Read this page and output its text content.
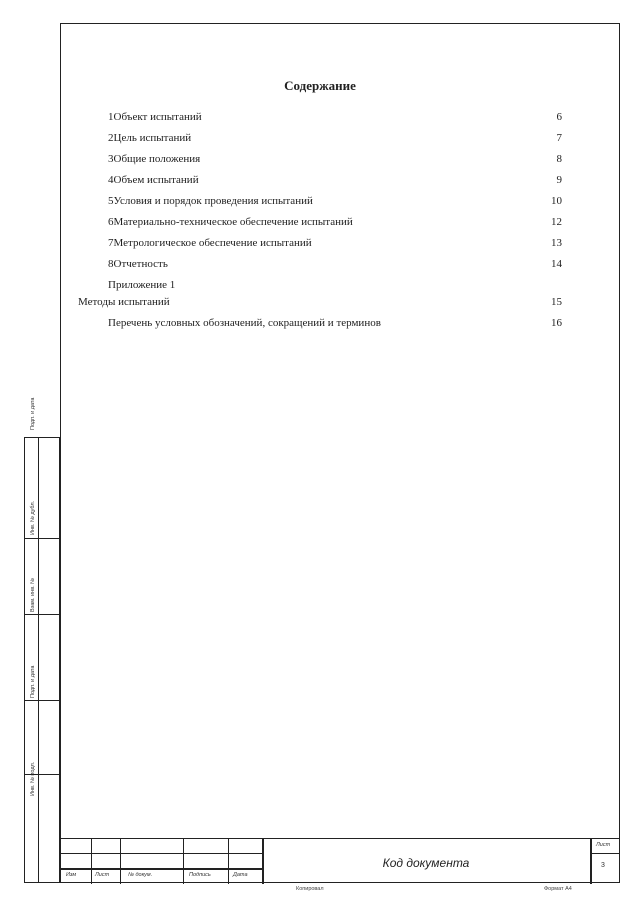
Содержание
1Объект испытаний	6
2Цель испытаний	7
3Общие положения	8
4Объем испытаний	9
5Условия и порядок проведения испытаний	10
6Материально-техническое обеспечение испытаний	12
7Метрологическое обеспечение испытаний	13
8Отчетность	14
Приложение 1
Методы испытаний	15
Перечень условных обозначений, сокращений и терминов	16
Подп. и дата
Инв. № дубл.
Взам. инв. №
Подп. и дата
Инв. № подл.
Изм	Лист	№ докум.	Подпись	Дата
Код документа
Лист
3
Копировал	Формат А4
